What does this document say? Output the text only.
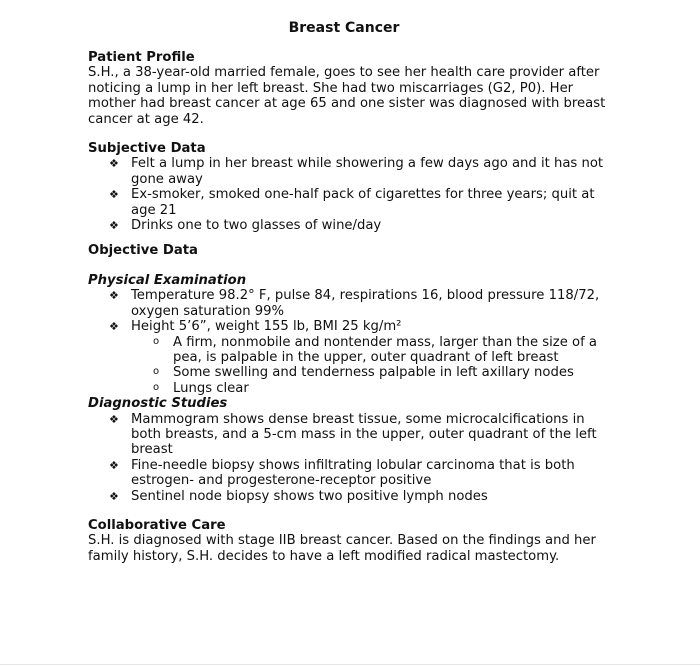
Breast Cancer
Patient Profile

S.H., a 38-year-old married female, goes to see her health care provider after noticing a lump in her left breast. She had two miscarriages (G2, P0). Her mother had breast cancer at age 65 and one sister was diagnosed with breast cancer at age 42.

Subjective Data
❖ Felt a lump in her breast while showering a few days ago and it has not gone away
❖ Ex-smoker, smoked one-half pack of cigarettes for three years; quit at age 21
❖ Drinks one to two glasses of wine/day
Objective Data
Physical Examination
❖ Temperature 98.2° F, pulse 84, respirations 16, blood pressure 118/72, oxygen saturation 99%
❖ Height 5’6”, weight 155 lb, BMI 25 kg/m²
o A firm, nonmobile and nontender mass, larger than the size of a pea, is palpable in the upper, outer quadrant of left breast
o Some swelling and tenderness palpable in left axillary nodes
o Lungs clear
Diagnostic Studies
❖ Mammogram shows dense breast tissue, some microcalcifications in both breasts, and a 5-cm mass in the upper, outer quadrant of the left breast
❖ Fine-needle biopsy shows infiltrating lobular carcinoma that is both estrogen- and progesterone-receptor positive
❖ Sentinel node biopsy shows two positive lymph nodes
Collaborative Care

S.H. is diagnosed with stage IIB breast cancer. Based on the findings and her family history, S.H. decides to have a left modified radical mastectomy.
